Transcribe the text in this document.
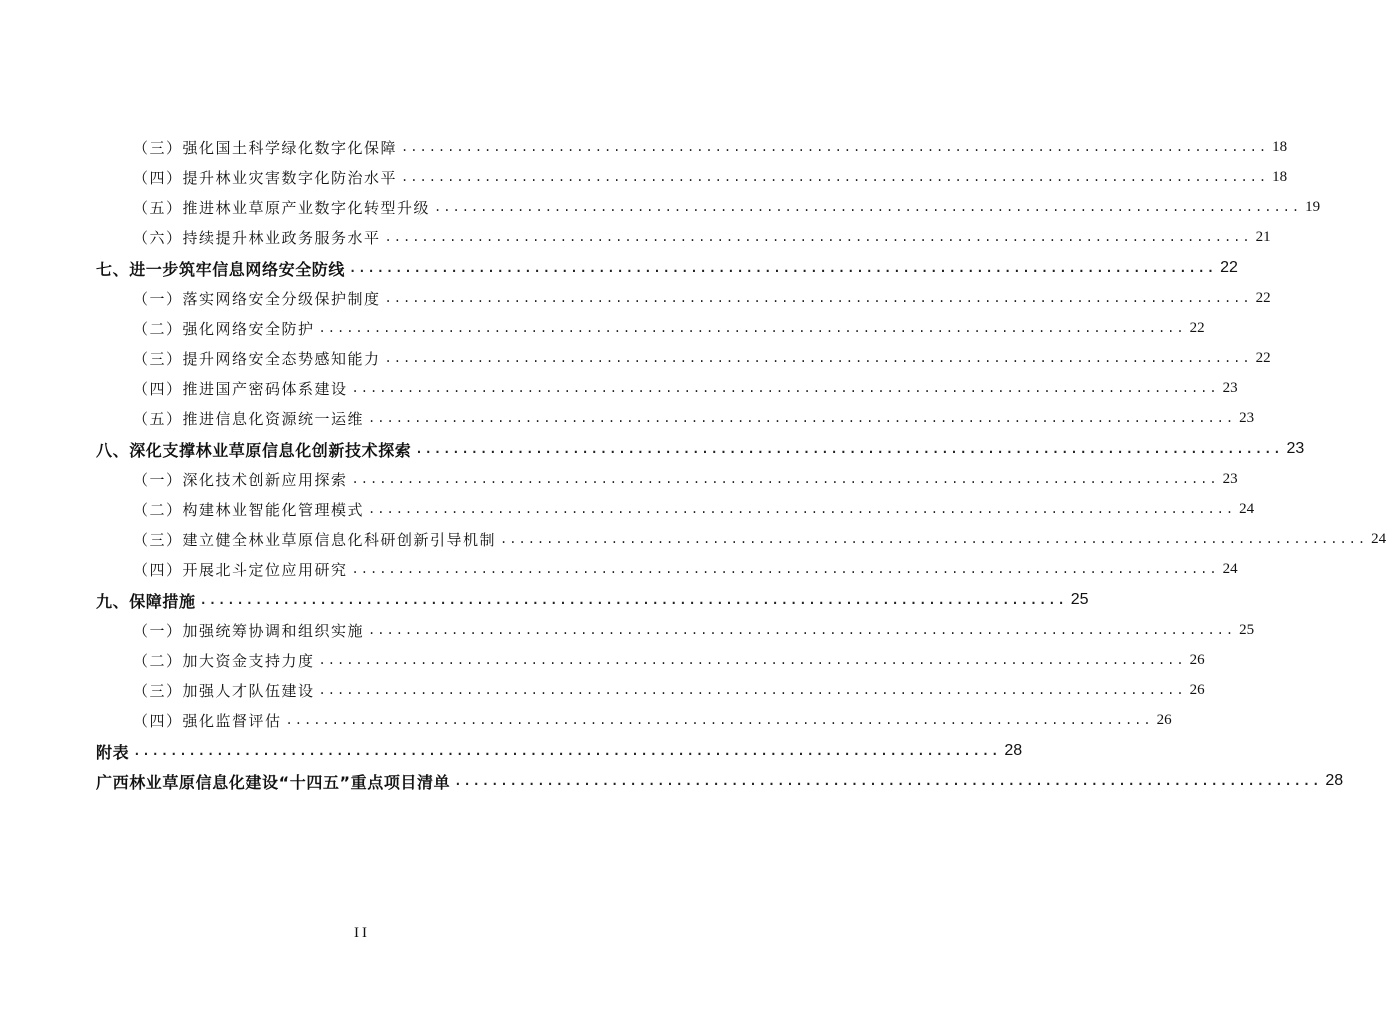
（三）强化国土科学绿化数字化保障 .............................................................................................. 18
（四）提升林业灾害数字化防治水平 .............................................................................................. 18
（五）推进林业草原产业数字化转型升级 .............................................................................................. 19
（六）持续提升林业政务服务水平 .............................................................................................. 21
七、进一步筑牢信息网络安全防线 .............................................................................................. 22
（一）落实网络安全分级保护制度 .............................................................................................. 22
（二）强化网络安全防护 .............................................................................................. 22
（三）提升网络安全态势感知能力 .............................................................................................. 22
（四）推进国产密码体系建设 .............................................................................................. 23
（五）推进信息化资源统一运维 .............................................................................................. 23
八、深化支撑林业草原信息化创新技术探索 .............................................................................................. 23
（一）深化技术创新应用探索 .............................................................................................. 23
（二）构建林业智能化管理模式 .............................................................................................. 24
（三）建立健全林业草原信息化科研创新引导机制 .............................................................................................. 24
（四）开展北斗定位应用研究 .............................................................................................. 24
九、保障措施 .............................................................................................. 25
（一）加强统筹协调和组织实施 .............................................................................................. 25
（二）加大资金支持力度 .............................................................................................. 26
（三）加强人才队伍建设 .............................................................................................. 26
（四）强化监督评估 .............................................................................................. 26
附表 .............................................................................................. 28
广西林业草原信息化建设“十四五”重点项目清单 .............................................................................................. 28
II
